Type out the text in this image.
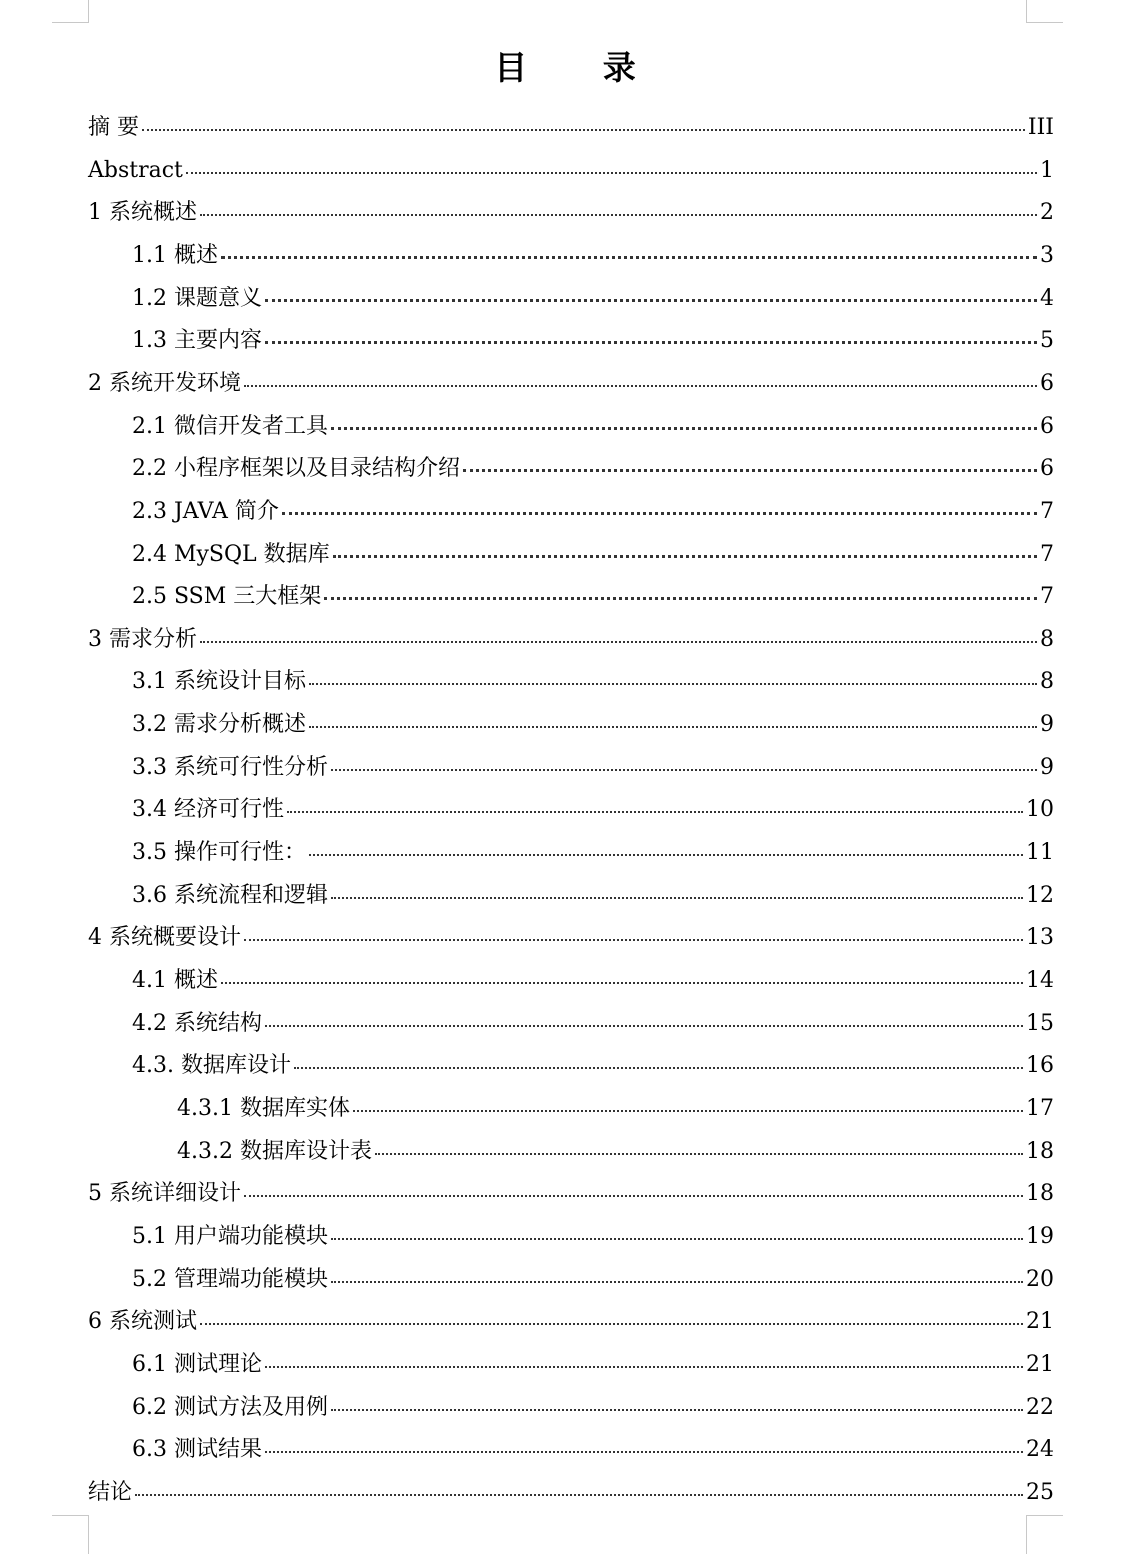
目 录
摘 要	III
Abstract	1
1 系统概述	2
1.1 概述	3
1.2 课题意义	4
1.3 主要内容	5
2 系统开发环境	6
2.1 微信开发者工具	6
2.2 小程序框架以及目录结构介绍	6
2.3 JAVA 简介	7
2.4 MySQL 数据库	7
2.5 SSM 三大框架	7
3 需求分析	8
3.1 系统设计目标	8
3.2 需求分析概述	9
3.3 系统可行性分析	9
3.4 经济可行性	10
3.5 操作可行性：	11
3.6 系统流程和逻辑	12
4 系统概要设计	13
4.1 概述	14
4.2 系统结构	15
4.3. 数据库设计	16
4.3.1 数据库实体	17
4.3.2 数据库设计表	18
5 系统详细设计	18
5.1 用户端功能模块	19
5.2 管理端功能模块	20
6 系统测试	21
6.1 测试理论	21
6.2 测试方法及用例	22
6.3 测试结果	24
结论	25
